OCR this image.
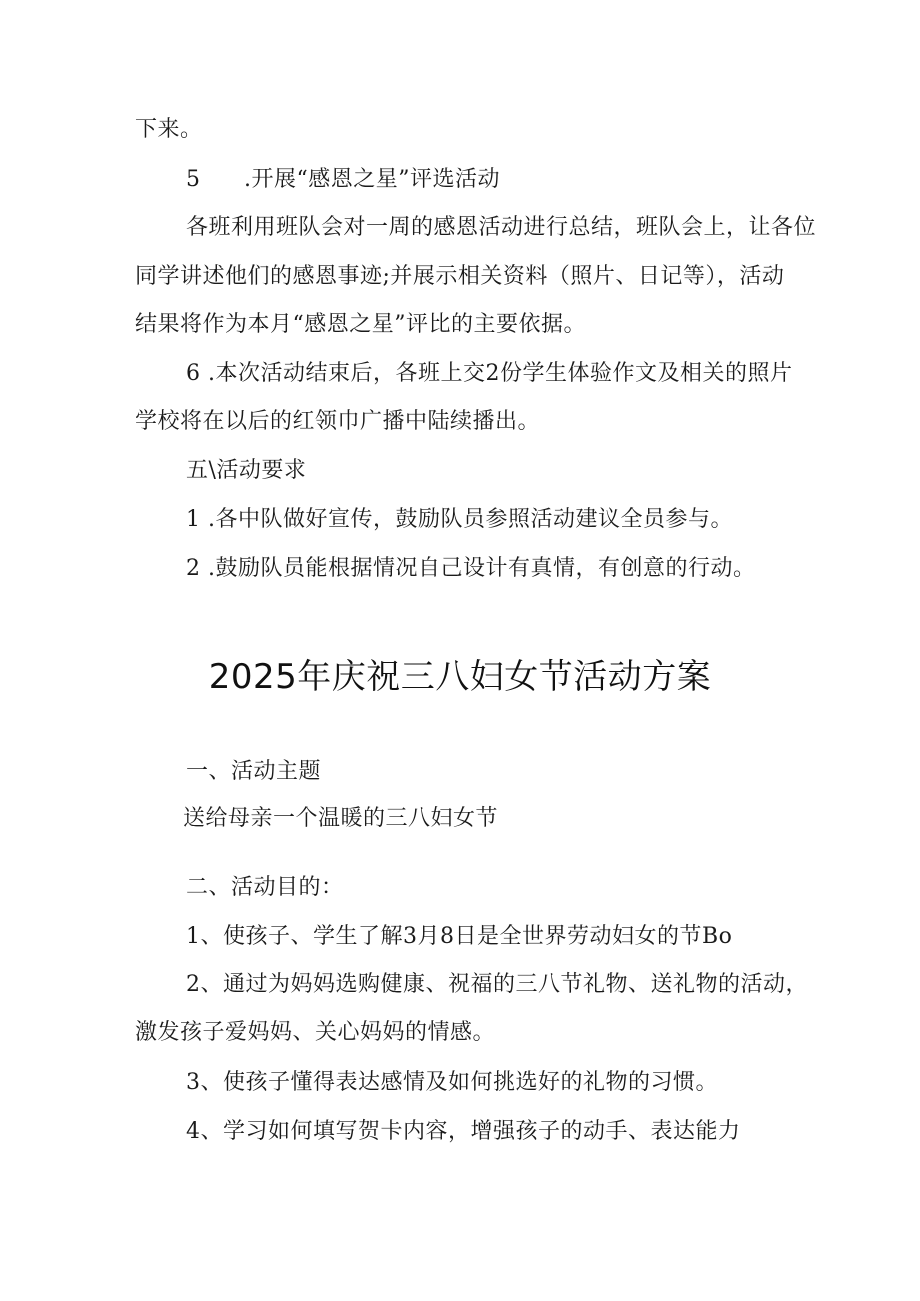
下来。
5 .开展“感恩之星”评选活动
各班利用班队会对一周的感恩活动进行总结，班队会上，让各位
同学讲述他们的感恩事迹;并展示相关资料（照片、日记等），活动
结果将作为本月“感恩之星”评比的主要依据。
6 .本次活动结束后，各班上交2份学生体验作文及相关的照片
学校将在以后的红领巾广播中陆续播出。
五\活动要求
1 .各中队做好宣传，鼓励队员参照活动建议全员参与。
2 .鼓励队员能根据情况自己设计有真情，有创意的行动。
2025年庆祝三八妇女节活动方案
一、活动主题
送给母亲一个温暖的三八妇女节
二、活动目的：
1、使孩子、学生了解3月8日是全世界劳动妇女的节Bo
2、通过为妈妈选购健康、祝福的三八节礼物、送礼物的活动，
激发孩子爱妈妈、关心妈妈的情感。
3、使孩子懂得表达感情及如何挑选好的礼物的习惯。
4、学习如何填写贺卡内容，增强孩子的动手、表达能力
